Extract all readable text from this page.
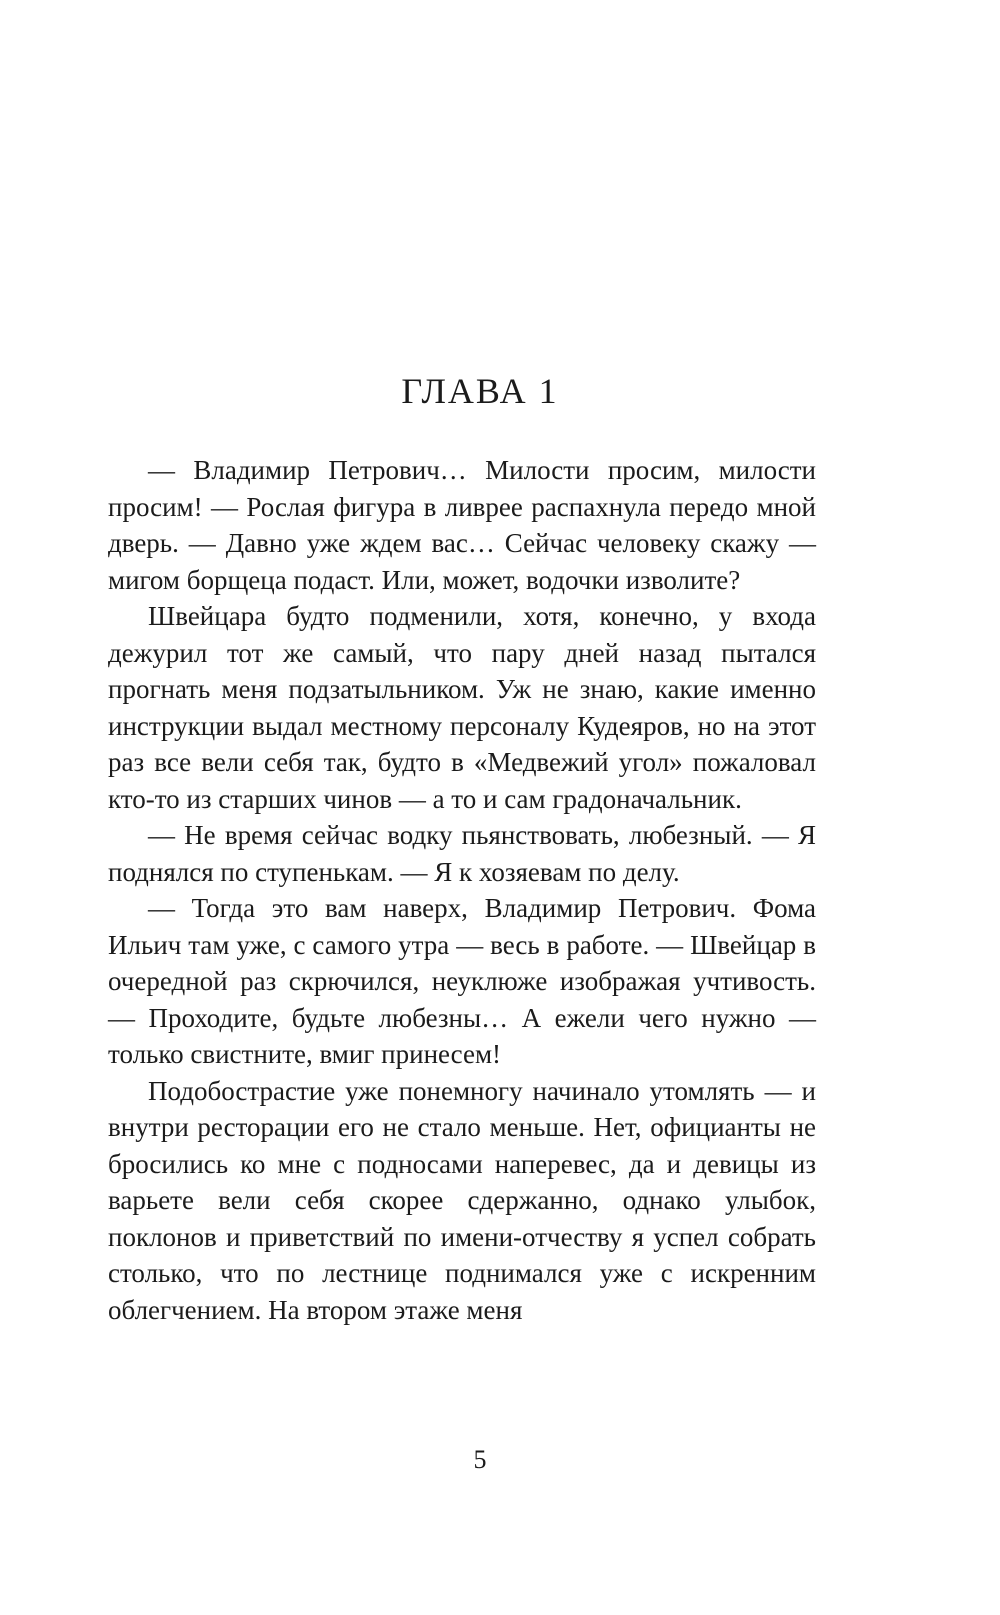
ГЛАВА 1

— Владимир Петрович… Милости просим, милости просим! — Рослая фигура в ливрее распахнула передо мной дверь. — Давно уже ждем вас… Сейчас человеку скажу — мигом борщеца подаст. Или, может, водочки изволите?

Швейцара будто подменили, хотя, конечно, у входа дежурил тот же самый, что пару дней назад пытался прогнать меня подзатыльником. Уж не знаю, какие именно инструкции выдал местному персоналу Кудеяров, но на этот раз все вели себя так, будто в «Медвежий угол» пожаловал кто-то из старших чинов — а то и сам градоначальник.

— Не время сейчас водку пьянствовать, любезный. — Я поднялся по ступенькам. — Я к хозяевам по делу.

— Тогда это вам наверх, Владимир Петрович. Фома Ильич там уже, с самого утра — весь в работе. — Швейцар в очередной раз скрючился, неуклюже изображая учтивость. — Проходите, будьте любезны… А ежели чего нужно — только свистните, вмиг принесем!

Подобострастие уже понемногу начинало утомлять — и внутри ресторации его не стало меньше. Нет, официанты не бросились ко мне с подносами наперевес, да и девицы из варьете вели себя скорее сдержанно, однако улыбок, поклонов и приветствий по имени-отчеству я успел собрать столько, что по лестнице поднимался уже с искренним облегчением. На втором этаже меня

5
